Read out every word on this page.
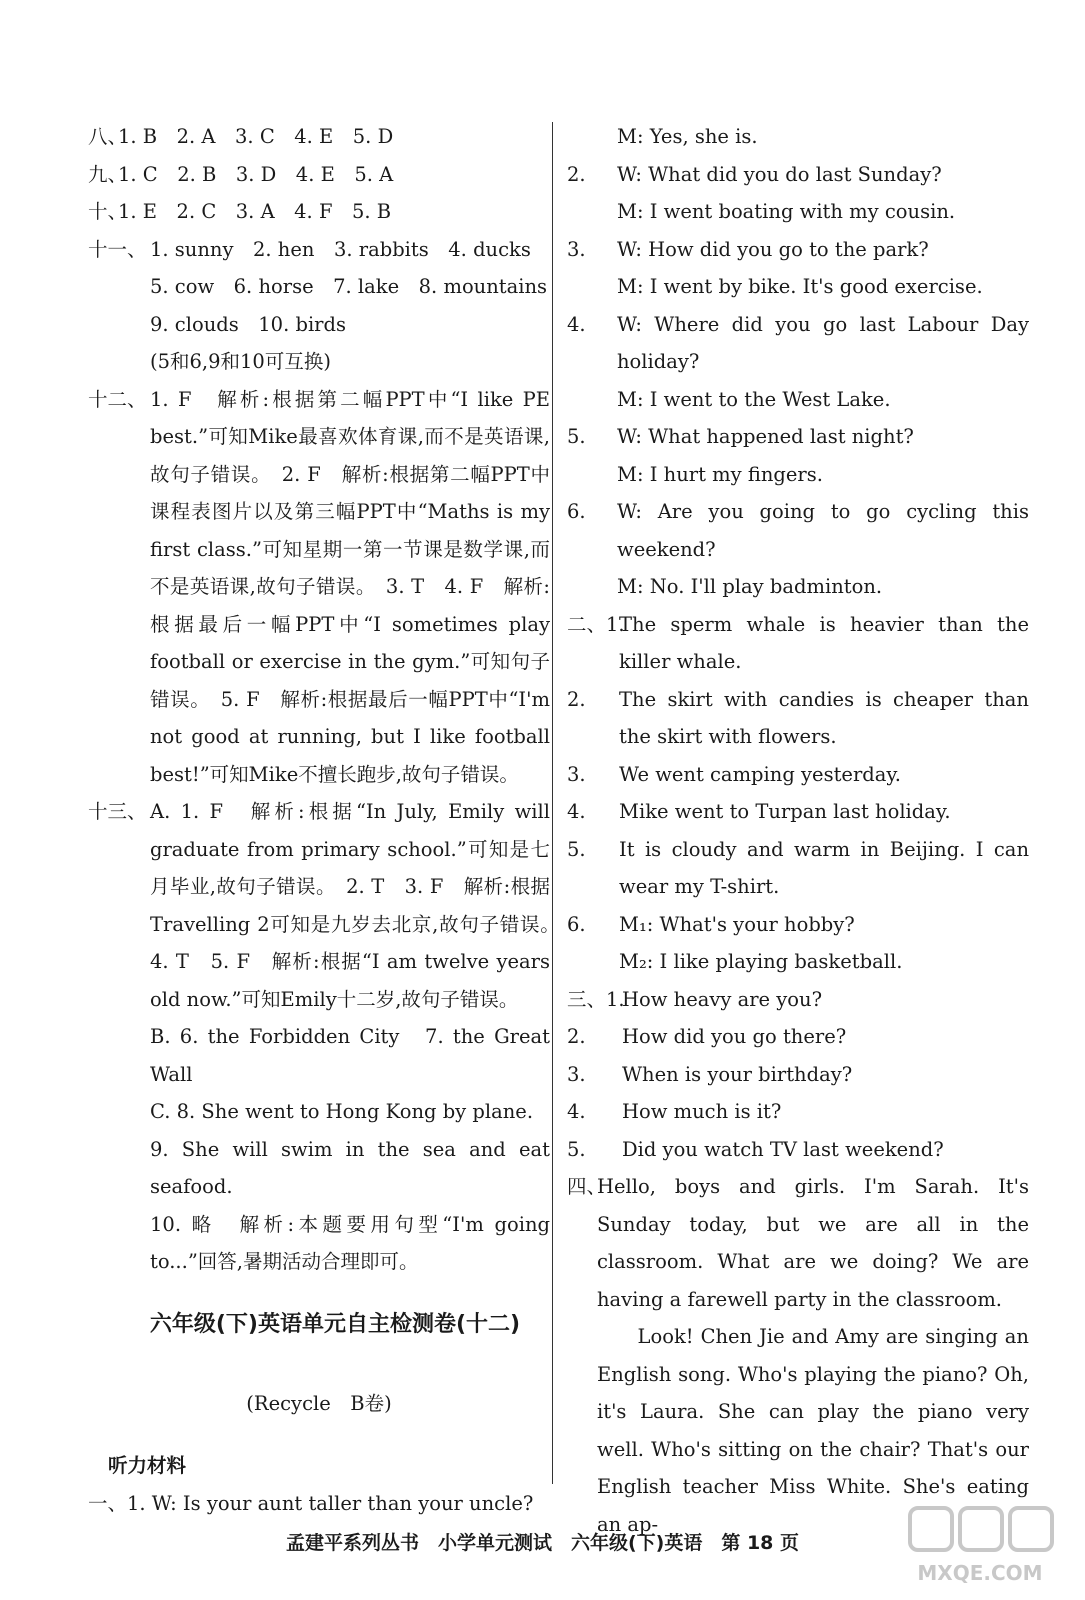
八、
1. B　2. A　3. C　4. E　5. D
九、
1. C　2. B　3. D　4. E　5. A
十、
1. E　2. C　3. A　4. F　5. B
十一、 1. sunny　2. hen　3. rabbits　4. ducks
5. cow　6. horse　7. lake　8. mountains
9. clouds　10. birds
(5和6,9和10可互换)
十二、 1. F　解析:根据第二幅PPT中“I like PE best.”可知Mike最喜欢体育课,而不是英语课,故句子错误。　2. F　解析:根据第二幅PPT中课程表图片以及第三幅PPT中“Maths is my first class.”可知星期一第一节课是数学课,而不是英语课,故句子错误。　3. T　4. F　解析:根据最后一幅PPT中“I sometimes play football or exercise in the gym.”可知句子错误。　5. F　解析:根据最后一幅PPT中“I'm not good at running, but I like football best!”可知Mike不擅长跑步,故句子错误。
十三、 A. 1. F　解析:根据“In July, Emily will graduate from primary school.”可知是七月毕业,故句子错误。　2. T　3. F　解析:根据Travelling 2可知是九岁去北京,故句子错误。　4. T　5. F　解析:根据“I am twelve years old now.”可知Emily十二岁,故句子错误。
B. 6. the Forbidden City　7. the Great Wall
C. 8. She went to Hong Kong by plane.
9. She will swim in the sea and eat seafood.
10. 略　解析:本题要用句型“I'm going to...”回答,暑期活动合理即可。
六年级(下)英语单元自主检测卷(十二)
(Recycle　B卷)
听力材料
一、1. W: Is your aunt taller than your uncle?
M: Yes, she is.
2. W: What did you do last Sunday?
M: I went boating with my cousin.
3. W: How did you go to the park?
M: I went by bike. It's good exercise.
4. W: Where did you go last Labour Day holiday?
M: I went to the West Lake.
5. W: What happened last night?
M: I hurt my fingers.
6. W: Are you going to go cycling this weekend?
M: No. I'll play badminton.
二、1.
The sperm whale is heavier than the killer whale.
2. The skirt with candies is cheaper than the skirt with flowers.
3. We went camping yesterday.
4. Mike went to Turpan last holiday.
5. It is cloudy and warm in Beijing. I can wear my T-shirt.
6. M₁: What's your hobby?
M₂: I like playing basketball.
三、1.
How heavy are you?
2. How did you go there?
3. When is your birthday?
4. How much is it?
5. Did you watch TV last weekend?
四、
Hello, boys and girls. I'm Sarah. It's Sunday today, but we are all in the classroom. What are we doing? We are having a farewell party in the classroom.
　　Look! Chen Jie and Amy are singing an English song. Who's playing the piano? Oh, it's Laura. She can play the piano very well. Who's sitting on the chair? That's our English teacher Miss White. She's eating an ap-
孟建平系列丛书　小学单元测试　六年级(下)英语　第 18 页
MXQE.COM
